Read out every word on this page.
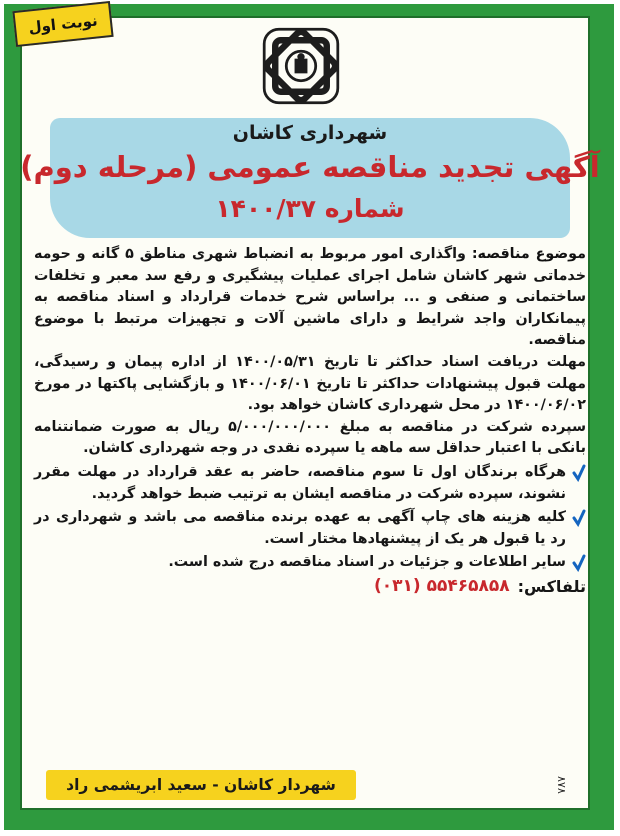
نوبت اول
شهرداری کاشان
آگهی تجدید مناقصه عمومی (مرحله دوم)
شماره ۱۴۰۰/۳۷

موضوع مناقصه: واگذاری امور مربوط به انضباط شهری مناطق ۵ گانه و حومه خدماتی شهر کاشان شامل اجرای عملیات پیشگیری و رفع سد معبر و تخلفات ساختمانی و صنفی و ... براساس شرح خدمات قرارداد و اسناد مناقصه به پیمانکاران واجد شرایط و دارای ماشین آلات و تجهیزات مرتبط با موضوع مناقصه.

مهلت دریافت اسناد حداکثر تا تاریخ ۱۴۰۰/۰۵/۳۱ از اداره پیمان و رسیدگی، مهلت قبول پیشنهادات حداکثر تا تاریخ ۱۴۰۰/۰۶/۰۱ و بازگشایی پاکتها در مورخ ۱۴۰۰/۰۶/۰۲ در محل شهرداری کاشان خواهد بود.

سپرده شرکت در مناقصه به مبلغ ۵/۰۰۰/۰۰۰/۰۰۰ ریال به صورت ضمانتنامه بانکی با اعتبار حداقل سه ماهه یا سپرده نقدی در وجه شهرداری کاشان.

هرگاه برندگان اول تا سوم مناقصه، حاضر به عقد قرارداد در مهلت مقرر نشوند، سپرده شرکت در مناقصه ایشان به ترتیب ضبط خواهد گردید.
کلیه هزینه های چاپ آگهی به عهده برنده مناقصه می باشد و شهرداری در رد یا قبول هر یک از پیشنهادها مختار است.
سایر اطلاعات و جزئیات در اسناد مناقصه درج شده است.
تلفاکس:
(۰۳۱) ۵۵۴۶۵۸۵۸
شهردار کاشان - سعید ابریشمی راد	۸۷۸
